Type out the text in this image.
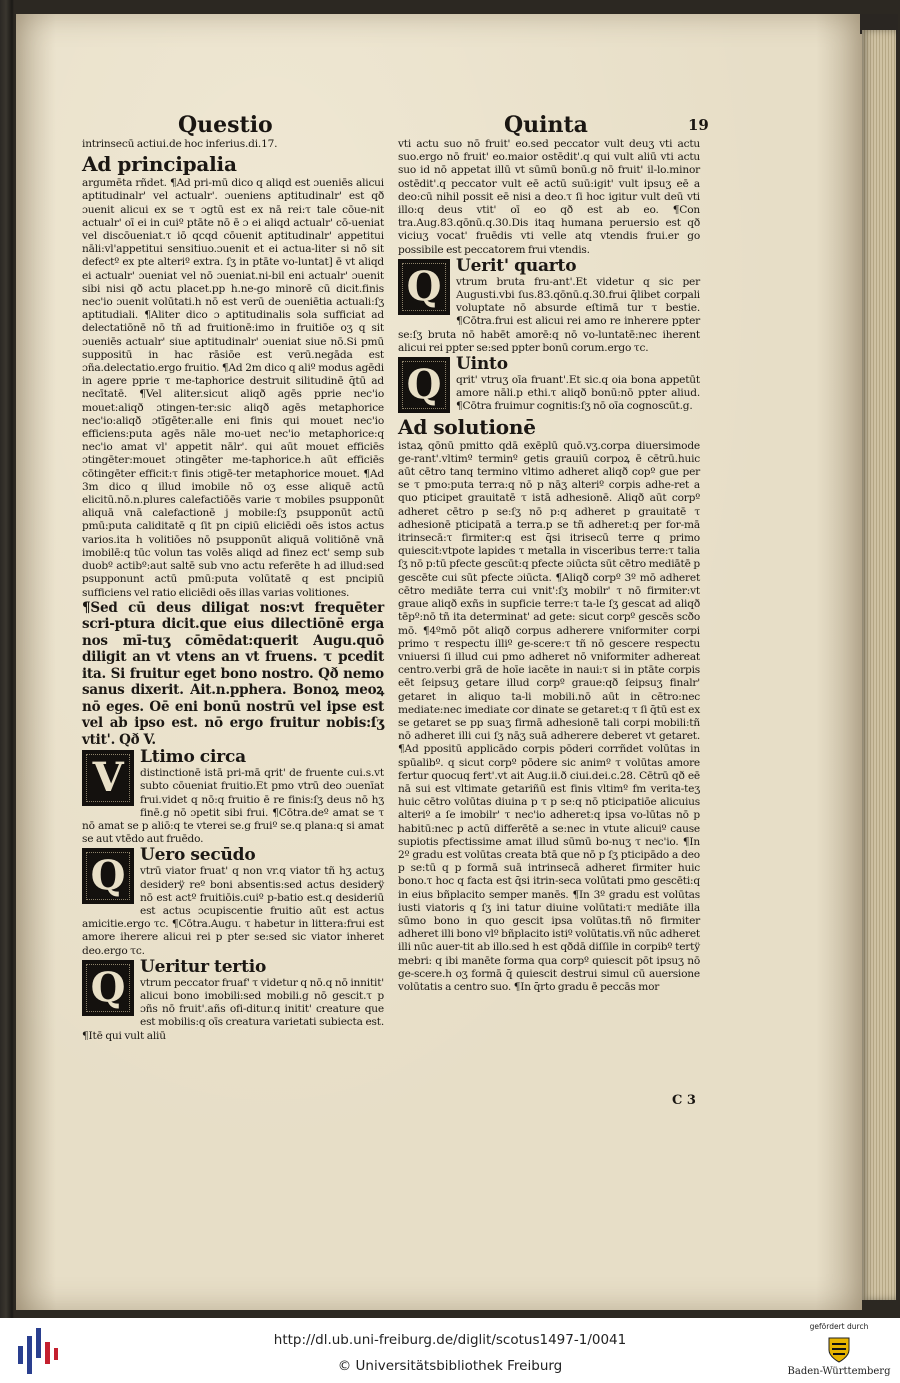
Questio	Quinta	19

intrinsecū actiui.de hoc inferius.di.17.

Ad principalia

argumēta rñdet. ¶Ad pri-mū dico q aliqd est ɔueniēs alicui aptitudinalr' vel actualr'. ɔueniens aptitudinalr' est qð ɔuenit alicui ex se τ ɔgtū est ex nā rei:τ tale cōue-nit actualr' oī ei in cuiº ptāte nō ē ɔ ei aliqd actualr' cō-ueniat vel discōueniat.τ iō qcqd cōuenit aptitudinalr' appetitui nāli:vl'appetitui sensitiuo.ɔuenit et ei actua-liter si nō sit defectº ex pte alteriº extra. ſʒ in ptāte vo-luntat] ē vt aliqd ei actualr' ɔueniat vel nō ɔueniat.ni-bil eni actualr' ɔuenit sibi nisi qð actu placet.pp h.ne-go minorē cū dicit.finis nec'io ɔuenit volūtati.h nō est verū de ɔueniētia actuali:ſʒ aptitudiali. ¶Aliter dico ɔ aptitudinalis sola sufficiat ad delectatiōnē nō tñ ad fruitionē:imo in fruitiōe oʒ q sit ɔueniēs actualr' siue aptitudinalr' ɔueniat siue nō.Si pmū suppositū in hac rāsiōe est verū.negāda est ɔña.delectatio.ergo fruitio. ¶Ad 2m dico q aliº modus agēdi in agere pprie τ me-taphorice destruit silitudinē q̄tū ad necītatē. ¶Vel aliter.sicut aliqð agēs pprie nec'io mouet:aliqð ɔtingen-ter:sic aliqð agēs metaphorice nec'io:aliqð ɔtīgēter.alle eni finis qui mouet nec'io efficiens:puta agēs nāle mo-uet nec'io metaphorice:q nec'io amat vl' appetit nālr'. qui aūt mouet efficiēs ɔtingēter:mouet ɔtingēter me-taphorice.h aūt efficiēs cōtingēter efficit:τ finis ɔtigē-ter metaphorice mouet. ¶Ad 3m dico q illud imobile nō oʒ esse aliquē actū elicitū.nō.n.plures calefactiōēs varie τ mobiles psupponūt aliquā vnā calefactionē j mobile:ſʒ psupponūt actū pmū:puta caliditatē q ſit pn cipiū eliciēdi oēs istos actus varios.ita h volitiōes nō psupponūt aliquā volitiōnē vnā imobilē:q tūc volun tas volēs aliqd ad finez ect' semp sub duobº actibº:aut saltē sub vno actu referēte h ad illud:sed psupponunt actū pmū:puta volūtatē q est pncipiū sufficiens vel ratio eliciēdi oēs illas varias volitiones.

¶Sed cū deus diligat nos:vt frequēter scri-ptura dicit.que eius dilectiōnē erga nos mī-tuʒ cōmēdat:querit Augu.quō diligit an vt vtens an vt fruens. τ pcedit ita. Si fruitur eget bono nostro. Qð nemo sanus dixerit. Ait.n.pphera. Bonoꝝ meoꝝ nō eges. Oē eni bonū nostrū vel ipse est vel ab ipso est. nō ergo fruitur nobis:ſʒ vtit'. Qð V.

V Ltimo circa

distinctionē istā pri-mā qrit' de fruente cui.s.vt subto cōueniat fruitio.Et pmo vtrū deo ɔuenīat frui.videt q nō:q fruitio ē re finis:ſʒ deus nō hʒ finē.g nō ɔpetit sibi frui. ¶Cōtra.deº amat se τ nō amat se p aliō:q te vterei se.g fruiº se.q plana:q si amat se aut vtēdo aut fruēdo.

Q Uero secūdo

vtrū viator fruat' q non vr.q viator tñ hʒ actuʒ desiderÿ reº boni absentis:sed actus desiderÿ nō est actº fruitiōis.cuiº p-batio est.q desideriū est actus ɔcupiscentie fruitio aūt est actus amicitie.ergo τc. ¶Cōtra.Augu. τ habetur in littera:frui est amore iherere alicui rei p pter se:sed sic viator inheret deo.ergo τc.

Q Ueritur tertio

vtrum peccator fruaf' τ videtur q nō.q nō innitit' alicui bono imobili:sed mobili.g nō gescit.τ p ɔñs nō fruit'.añs ofi-ditur.q initit' creature que est mobilis:q oīs creatura varietati subiecta est. ¶Itē qui vult aliū

vti actu suo nō fruit' eo.sed peccator vult deuʒ vti actu suo.ergo nō fruit' eo.maior ostēdit'.q qui vult aliū vti actu suo id nō appetat illū vt sūmū bonū.g nō fruit' il-lo.minor ostēdit'.q peccator vult eē actū suū:igit' vult ipsuʒ eē a deo:cū nihil possit eē nisi a deo.τ ſi hoc igitur vult deū vti illo:q deus vtit' oī eo qð est ab eo. ¶Con tra.Aug.83.qōnū.q.30.Dis itaq humana peruersio est qð viciuʒ vocat' fruēdis vti velle atq vtendis frui.er go possibile est peccatorem frui vtendis.

Q Uerit' quarto

vtrum bruta fru-ant'.Et videtur q sic per Augusti.vbi ſus.83.qōnū.q.30.frui q̄libet corpali voluptate nō absurde eſtimā tur τ bestie. ¶Cōtra.frui est alicui rei amo re inherere ppter se:ſʒ bruta nō habēt amorē:q nō vo-luntatē:nec iherent alicui rei ppter se:sed ppter bonū corum.ergo τc.

Q Uinto

qrit' vtruʒ oīa fruant'.Et sic.q oia bona appetūt amore nāli.p ethi.τ aliqð bonū:nō ppter aliud. ¶Cōtra fruimur cognitis:ſʒ nō oīa cognoscūt.g.

Ad solutionē

istaꝝ qōnū pmitto qdā exēplū quō.vʒ.corpa diuersimode ge-rant'.vltimº terminº getis grauiū corpoꝝ ē cētrū.huic aūt cētro tanq termino vltimo adheret aliqð copº gue per se τ pmo:puta terra:q nō p nāʒ alteriº corpis adhe-ret a quo pticipet grauitatē τ istā adhesionē. Aliqð aūt corpº adheret cētro p se:ſʒ nō p:q adheret p grauitatē τ adhesionē pticipatā a terra.p se tñ adheret:q per for-mā itrinsecā:τ firmiter:q est q̄si itrisecū terre q primo quiescit:vtpote lapides τ metalla in visceribus terre:τ talia ſʒ nō p:tū pfecte gescūt:q pfecte ɔiūcta sūt cētro mediātē p gescēte cui sūt pfecte ɔiūcta. ¶Aliqð corpº 3º mō adheret cētro mediāte terra cui vnit':ſʒ mobilr' τ nō firmiter:vt graue aliqð exñs in supficie terre:τ ta-le ſʒ gescat ad aliqð tēpº:nō tñ ita determinat' ad gete: sicut corpº gescēs scðo mō. ¶4ºmō pōt aliqð corpus adherere vniformiter corpi primo τ respectu illiº ge-scere:τ tñ nō gescere respectu vniuersi ſi illud cui pmo adheret nō vniformiter adhereat centro.verbi grā de hoīe iacēte in naui:τ si in ptāte corpis eēt ſeipsuʒ getare illud corpº graue:qð ſeipsuʒ finalr' getaret in aliquo ta-li mobili.nō aūt in cētro:nec mediate:nec imediate cor dinate se getaret:q τ ſi q̄tū est ex se getaret se pp suaʒ firmā adhesionē tali corpi mobili:tñ nō adheret illi cui ſʒ nāʒ suā adherere deberet vt getaret. ¶Ad ppositū applicādo corpis pōderi corrñdet volūtas in spūalibº. q sicut corpº pōdere sic animº τ volūtas amore fertur quocuq fert'.vt ait Aug.ii.ð ciui.dei.c.28. Cētrū qð eē nā sui est vltimate getariñū est finis vltimº fm verita-teʒ huic cētro volūtas diuina p τ p se:q nō pticipatiōe alicuius alteriº a ſe imobilr' τ nec'io adheret:q ipsa vo-lūtas nō p habitū:nec p actū differētē a se:nec in vtute alicuiº cause supiotis pfectissime amat illud sūmū bo-nuʒ τ nec'io. ¶In 2º gradu est volūtas creata btā que nō p ſʒ pticipādo a deo p se:tū q p formā suā intrinsecā adheret firmiter huic bono.τ hoc q facta est q̄si itrin-seca volūtati pmo gescēti:q in eius bñplacito semper manēs. ¶In 3º gradu est volūtas iusti viatoris q ſʒ ini tatur diuine volūtati:τ mediāte illa sūmo bono in quo gescit ipsa volūtas.tñ nō firmiter adheret illi bono vlº bñplacito istiº volūtatis.vñ nūc adheret illi nūc auer-tit ab illo.sed h est qðdā diſſile in corpibº tertÿ mebri: q ibi manēte forma qua corpº quiescit pōt ipsuʒ nō ge-scere.h oʒ formā q̄ quiescit destrui simul cū auersione volūtatis a centro suo. ¶In q̄rto gradu ē peccās mor

C 3
http://dl.ub.uni-freiburg.de/diglit/scotus1497-1/0041
© Universitätsbibliothek Freiburg
gefördert durch
Baden-Württemberg
